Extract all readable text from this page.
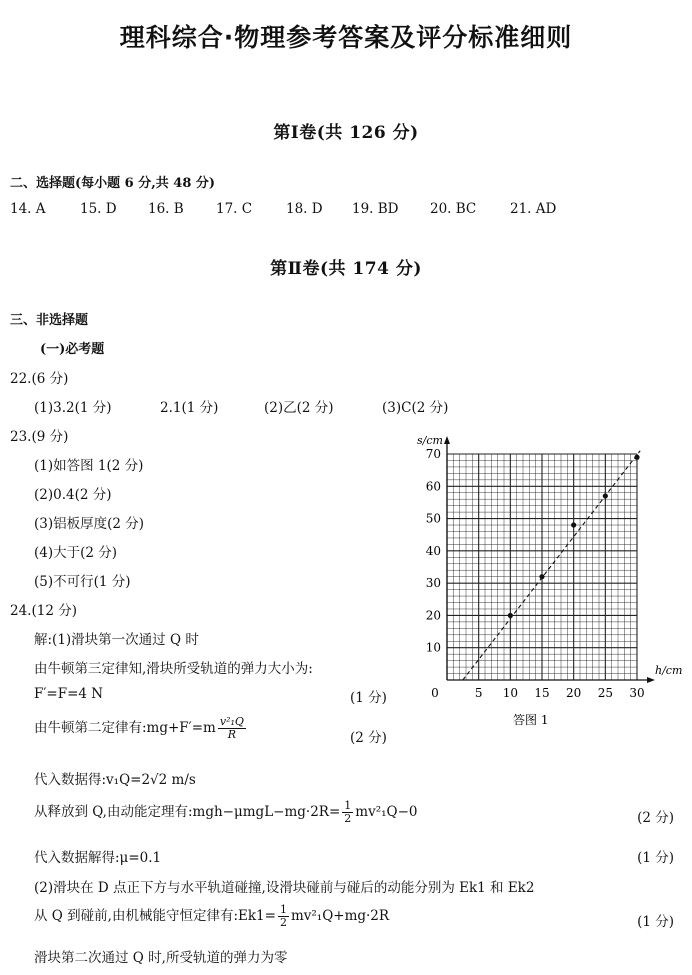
理科综合·物理参考答案及评分标准细则
第Ⅰ卷(共 126 分)
二、选择题(每小题 6 分,共 48 分)
14. A	15. D 16. B 17. C	18. D 19. BD 20. BC 21. AD
第Ⅱ卷(共 174 分)
三、非选择题
(一)必考题
22.(6 分)
(1)3.2(1 分)	2.1(1 分)	(2)乙(2 分)	(3)C(2 分)
23.(9 分)
(1)如答图 1(2 分)
(2)0.4(2 分)
(3)铝板厚度(2 分)
(4)大于(2 分)
(5)不可行(1 分)
0	5 10 15 20 25 30
10
20
30
40
50
60
70
s/cm
h/cm
答图 1
24.(12 分)
解:(1)滑块第一次通过 Q 时
由牛顿第三定律知,滑块所受轨道的弹力大小为:
F′=F=4 N	(1 分)
由牛顿第二定律有:mg+F′=m $\frac{\text{v²₁Q}}{R}$	(2 分)
代入数据得:v₁Q=2√2 m/s
从释放到 Q,由动能定理有:mgh−μmgL−mg·2R= $\frac{1}{2} mv^2_1Q-0$	(2 分)
代入数据解得:μ=0.1	(1 分)
(2)滑块在 D 点正下方与水平轨道碰撞,设滑块碰前与碰后的动能分别为 Ek1 和 Ek2
从 Q 到碰前,由机械能守恒定律有:Ek1= $\frac{1}{2} mv^2_1Q+mg\cdot 2R$	(1 分)
滑块第二次通过 Q 时,所受轨道的弹力为零
